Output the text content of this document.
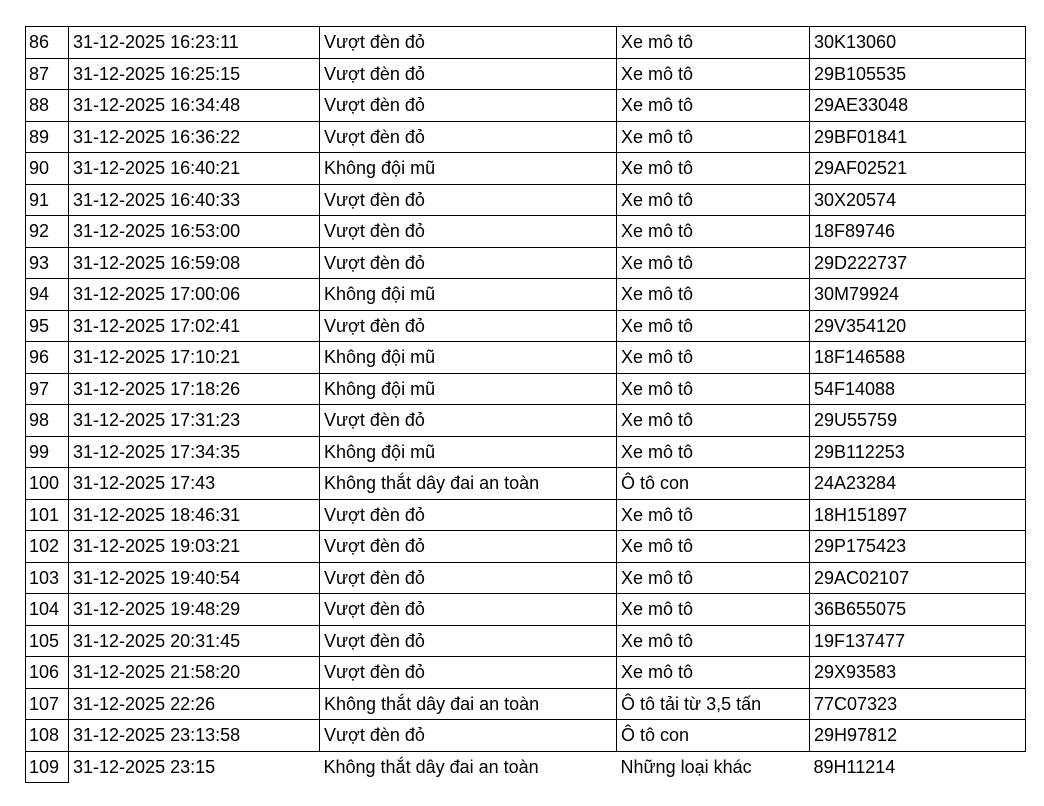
86	31-12-2025 16:23:11	Vượt đèn đỏ	Xe mô tô	30K13060
87	31-12-2025 16:25:15	Vượt đèn đỏ	Xe mô tô	29B105535
88	31-12-2025 16:34:48	Vượt đèn đỏ	Xe mô tô	29AE33048
89	31-12-2025 16:36:22	Vượt đèn đỏ	Xe mô tô	29BF01841
90	31-12-2025 16:40:21	Không đội mũ	Xe mô tô	29AF02521
91	31-12-2025 16:40:33	Vượt đèn đỏ	Xe mô tô	30X20574
92	31-12-2025 16:53:00	Vượt đèn đỏ	Xe mô tô	18F89746
93	31-12-2025 16:59:08	Vượt đèn đỏ	Xe mô tô	29D222737
94	31-12-2025 17:00:06	Không đội mũ	Xe mô tô	30M79924
95	31-12-2025 17:02:41	Vượt đèn đỏ	Xe mô tô	29V354120
96	31-12-2025 17:10:21	Không đội mũ	Xe mô tô	18F146588
97	31-12-2025 17:18:26	Không đội mũ	Xe mô tô	54F14088
98	31-12-2025 17:31:23	Vượt đèn đỏ	Xe mô tô	29U55759
99	31-12-2025 17:34:35	Không đội mũ	Xe mô tô	29B112253
100	31-12-2025 17:43	Không thắt dây đai an toàn	Ô tô con	24A23284
101	31-12-2025 18:46:31	Vượt đèn đỏ	Xe mô tô	18H151897
102	31-12-2025 19:03:21	Vượt đèn đỏ	Xe mô tô	29P175423
103	31-12-2025 19:40:54	Vượt đèn đỏ	Xe mô tô	29AC02107
104	31-12-2025 19:48:29	Vượt đèn đỏ	Xe mô tô	36B655075
105	31-12-2025 20:31:45	Vượt đèn đỏ	Xe mô tô	19F137477
106	31-12-2025 21:58:20	Vượt đèn đỏ	Xe mô tô	29X93583
107	31-12-2025 22:26	Không thắt dây đai an toàn	Ô tô tải từ 3,5 tấn	77C07323
108	31-12-2025 23:13:58	Vượt đèn đỏ	Ô tô con	29H97812
109	31-12-2025 23:15	Không thắt dây đai an toàn	Những loại khác	89H11214
